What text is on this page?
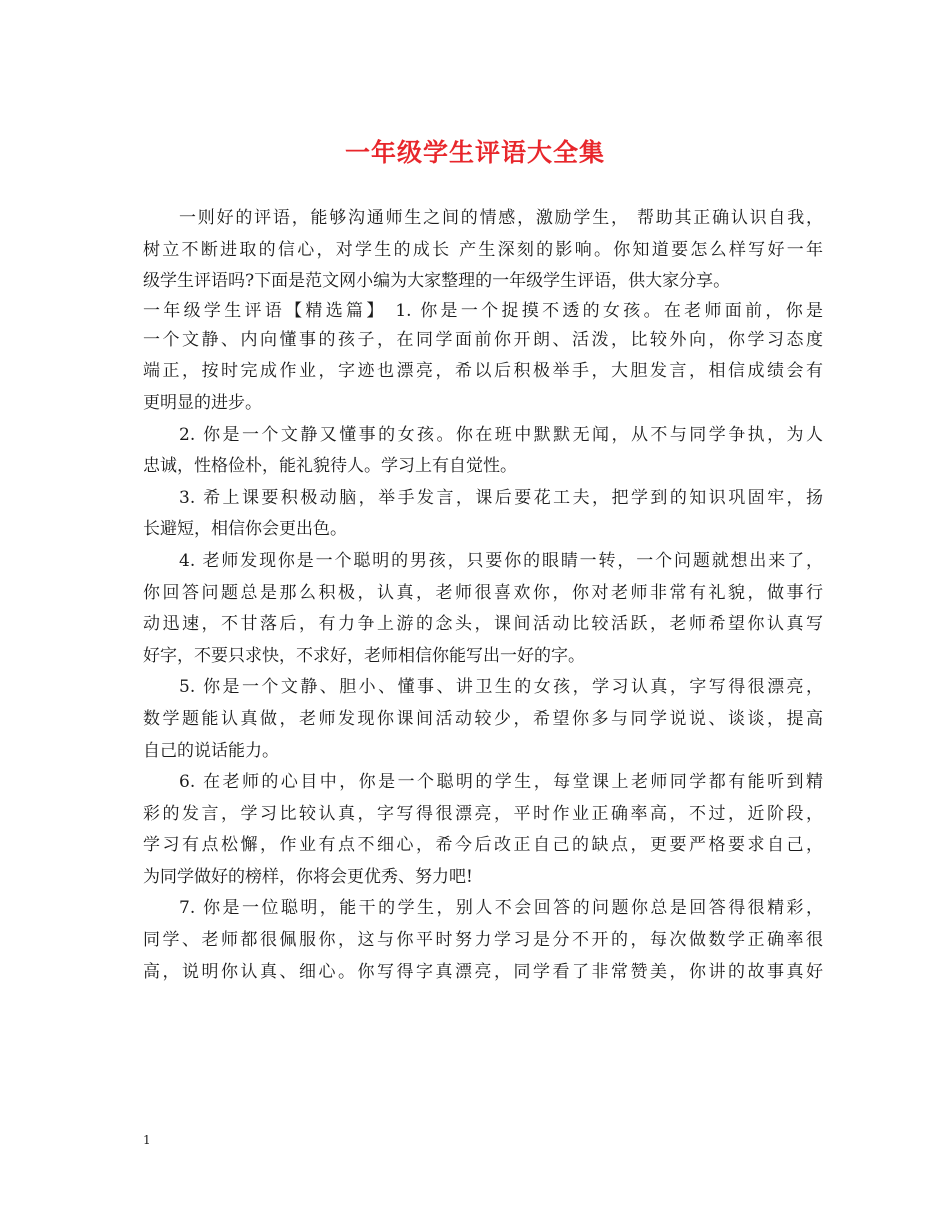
一年级学生评语大全集
一则好的评语，能够沟通师生之间的情感，激励学生， 帮助其正确认识自我，
树立不断进取的信心，对学生的成长 产生深刻的影响。你知道要怎么样写好一年
级学生评语吗?下面是范文网小编为大家整理的一年级学生评语，供大家分享。
一年级学生评语【精选篇】 1. 你是一个捉摸不透的女孩。在老师面前，你是
一个文静、内向懂事的孩子，在同学面前你开朗、活泼，比较外向，你学习态度
端正，按时完成作业，字迹也漂亮，希以后积极举手，大胆发言，相信成绩会有
更明显的进步。
2. 你是一个文静又懂事的女孩。你在班中默默无闻，从不与同学争执，为人
忠诚，性格俭朴，能礼貌待人。学习上有自觉性。
3. 希上课要积极动脑，举手发言，课后要花工夫，把学到的知识巩固牢，扬
长避短，相信你会更出色。
4. 老师发现你是一个聪明的男孩，只要你的眼睛一转，一个问题就想出来了，
你回答问题总是那么积极，认真，老师很喜欢你，你对老师非常有礼貌，做事行
动迅速，不甘落后，有力争上游的念头，课间活动比较活跃，老师希望你认真写
好字，不要只求快，不求好，老师相信你能写出一好的字。
5. 你是一个文静、胆小、懂事、讲卫生的女孩，学习认真，字写得很漂亮，
数学题能认真做，老师发现你课间活动较少，希望你多与同学说说、谈谈，提高
自己的说话能力。
6. 在老师的心目中，你是一个聪明的学生，每堂课上老师同学都有能听到精
彩的发言，学习比较认真，字写得很漂亮，平时作业正确率高，不过，近阶段，
学习有点松懈，作业有点不细心，希今后改正自己的缺点，更要严格要求自己，
为同学做好的榜样，你将会更优秀、努力吧!
7. 你是一位聪明，能干的学生，别人不会回答的问题你总是回答得很精彩，
同学、老师都很佩服你，这与你平时努力学习是分不开的，每次做数学正确率很
高，说明你认真、细心。你写得字真漂亮，同学看了非常赞美，你讲的故事真好
1
